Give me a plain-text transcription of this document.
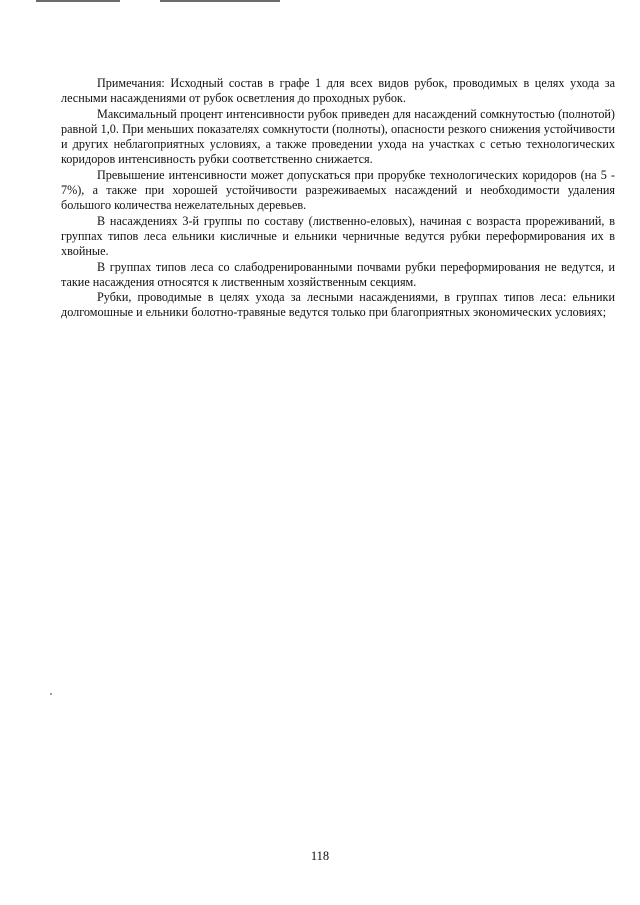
Примечания: Исходный состав в графе 1 для всех видов рубок, проводимых в целях ухода за лесными насаждениями от рубок осветления до проходных рубок.

Максимальный процент интенсивности рубок приведен для насаждений сомкнутостью (полнотой) равной 1,0. При меньших показателях сомкнутости (полноты), опасности резкого снижения устойчивости и других неблагоприятных условиях, а также проведении ухода на участках с сетью технологических коридоров интенсивность рубки соответственно снижается.

Превышение интенсивности может допускаться при прорубке технологических коридоров (на 5 - 7%), а также при хорошей устойчивости разреживаемых насаждений и необходимости удаления большого количества нежелательных деревьев.

В насаждениях 3-й группы по составу (лиственно-еловых), начиная с возраста прореживаний, в группах типов леса ельники кисличные и ельники черничные ведутся рубки переформирования их в хвойные.

В группах типов леса со слабодренированными почвами рубки переформирования не ведутся, и такие насаждения относятся к лиственным хозяйственным секциям.

Рубки, проводимые в целях ухода за лесными насаждениями, в группах типов леса: ельники долгомошные и ельники болотно-травяные ведутся только при благоприятных экономических условиях;

118
